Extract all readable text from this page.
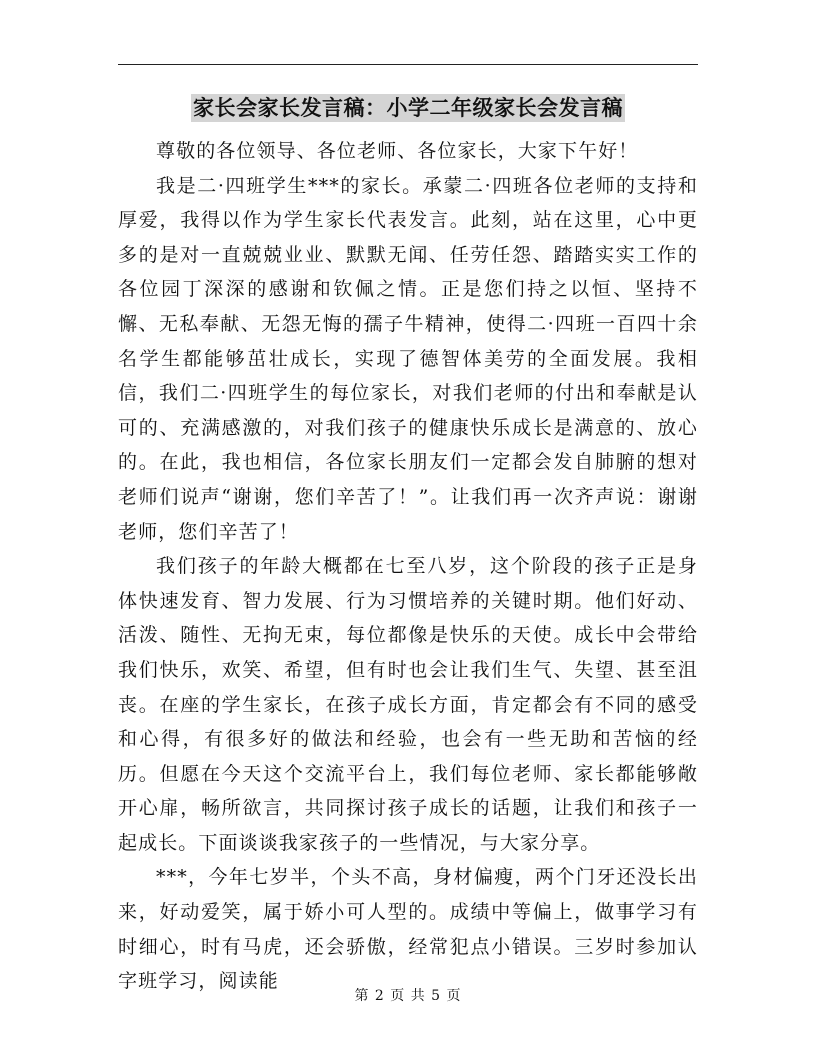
家长会家长发言稿：小学二年级家长会发言稿

尊敬的各位领导、各位老师、各位家长，大家下午好！

我是二·四班学生***的家长。承蒙二·四班各位老师的支持和厚爱，我得以作为学生家长代表发言。此刻，站在这里，心中更多的是对一直兢兢业业、默默无闻、任劳任怨、踏踏实实工作的各位园丁深深的感谢和钦佩之情。正是您们持之以恒、坚持不懈、无私奉献、无怨无悔的孺子牛精神，使得二·四班一百四十余名学生都能够茁壮成长，实现了德智体美劳的全面发展。我相信，我们二·四班学生的每位家长，对我们老师的付出和奉献是认可的、充满感激的，对我们孩子的健康快乐成长是满意的、放心的。在此，我也相信，各位家长朋友们一定都会发自肺腑的想对老师们说声“谢谢，您们辛苦了！”。让我们再一次齐声说：谢谢老师，您们辛苦了！

我们孩子的年龄大概都在七至八岁，这个阶段的孩子正是身体快速发育、智力发展、行为习惯培养的关键时期。他们好动、活泼、随性、无拘无束，每位都像是快乐的天使。成长中会带给我们快乐，欢笑、希望，但有时也会让我们生气、失望、甚至沮丧。在座的学生家长，在孩子成长方面，肯定都会有不同的感受和心得，有很多好的做法和经验，也会有一些无助和苦恼的经历。但愿在今天这个交流平台上，我们每位老师、家长都能够敞开心扉，畅所欲言，共同探讨孩子成长的话题，让我们和孩子一起成长。下面谈谈我家孩子的一些情况，与大家分享。

***，今年七岁半，个头不高，身材偏瘦，两个门牙还没长出来，好动爱笑，属于娇小可人型的。成绩中等偏上，做事学习有时细心，时有马虎，还会骄傲，经常犯点小错误。三岁时参加认字班学习，阅读能

第 2 页 共 5 页
